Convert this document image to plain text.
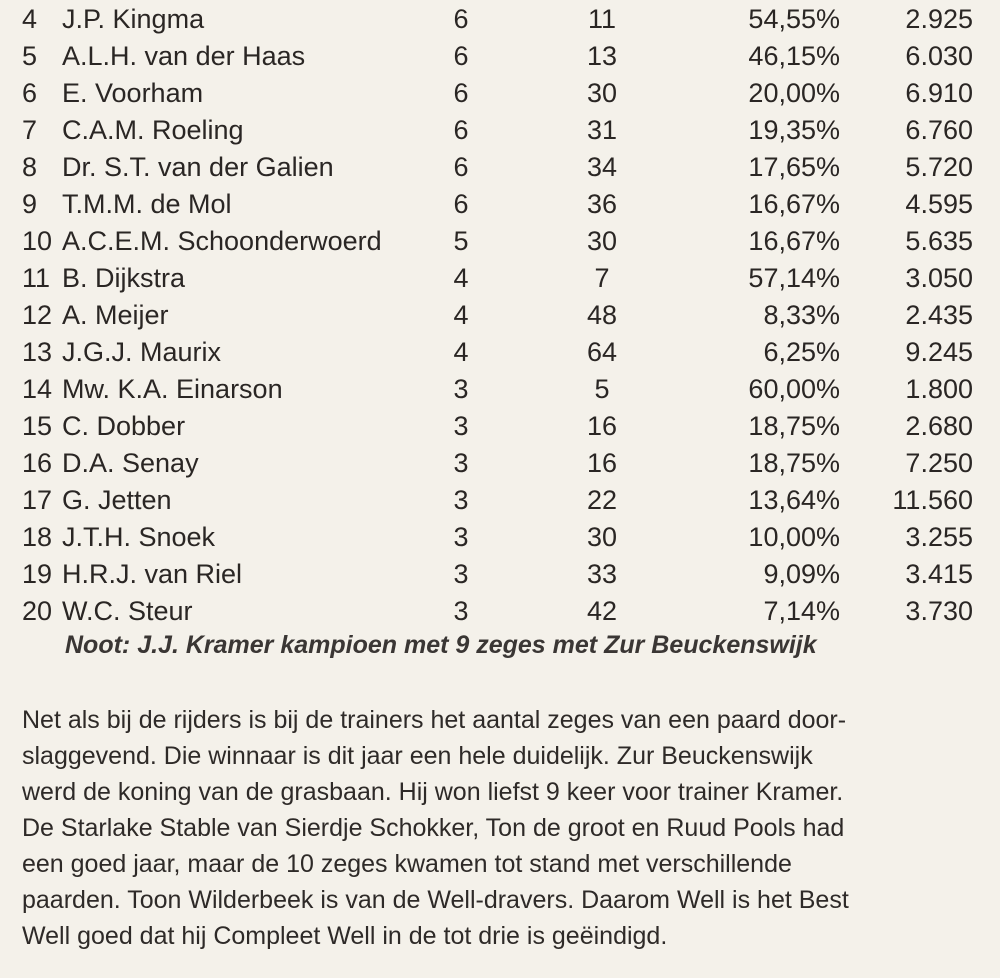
4	J.P. Kingma	6	11	54,55%	2.925
5	A.L.H. van der Haas	6	13	46,15%	6.030
6	E. Voorham	6	30	20,00%	6.910
7	C.A.M. Roeling	6	31	19,35%	6.760
8	Dr. S.T. van der Galien	6	34	17,65%	5.720
9	T.M.M. de Mol	6	36	16,67%	4.595
10	A.C.E.M. Schoonderwoerd	5	30	16,67%	5.635
11	B. Dijkstra	4	7	57,14%	3.050
12	A. Meijer	4	48	8,33%	2.435
13	J.G.J. Maurix	4	64	6,25%	9.245
14	Mw. K.A. Einarson	3	5	60,00%	1.800
15	C. Dobber	3	16	18,75%	2.680
16	D.A. Senay	3	16	18,75%	7.250
17	G. Jetten	3	22	13,64%	11.560
18	J.T.H. Snoek	3	30	10,00%	3.255
19	H.R.J. van Riel	3	33	9,09%	3.415
20	W.C. Steur	3	42	7,14%	3.730
Noot: J.J. Kramer kampioen met 9 zeges met Zur Beuckenswijk
Net als bij de rijders is bij de trainers het aantal zeges van een paard door-
slaggevend. Die winnaar is dit jaar een hele duidelijk. Zur Beuckenswijk
werd de koning van de grasbaan. Hij won liefst 9 keer voor trainer Kramer.
De Starlake Stable van Sierdje Schokker, Ton de groot en Ruud Pools had
een goed jaar, maar de 10 zeges kwamen tot stand met verschillende
paarden. Toon Wilderbeek is van de Well-dravers. Daarom Well is het Best
Well goed dat hij Compleet Well in de tot drie is geëindigd.
